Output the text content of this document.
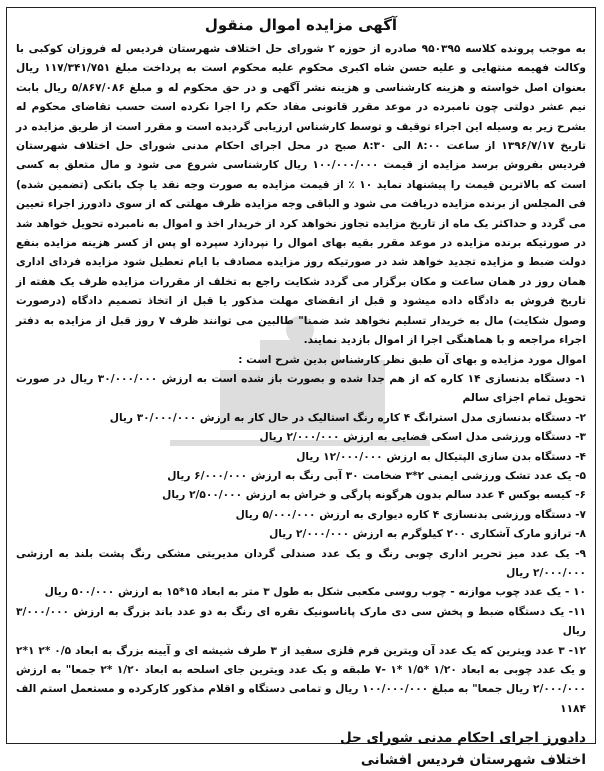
آگهی مزایده اموال منقول

به موجب پرونده کلاسه ۹۵۰۳۹۵ صادره از حوزه ۲ شورای حل اختلاف شهرستان فردیس له فروزان کوکبی با وکالت فهیمه منتهایی و علیه حسن شاه اکبری محکوم علیه محکوم است به پرداخت مبلغ ۱۱۷/۳۴۱/۷۵۱ ریال بعنوان اصل خواسته و هزینه کارشناسی و هزینه نشر آگهی و در حق محکوم له و مبلغ ۵/۸۶۷/۰۸۶ ریال بابت نیم عشر دولتی چون نامبرده در موعد مقرر قانونی مفاد حکم را اجرا نکرده است حسب تقاضای محکوم له بشرح زیر به وسیله این اجراء توقیف و توسط کارشناس ارزیابی گردیده است و مقرر است از طریق مزایده در تاریخ ۱۳۹۶/۷/۱۷ از ساعت ۸:۰۰ الی ۸:۳۰ صبح در محل اجرای احکام مدنی شورای حل اختلاف شهرستان فردیس بفروش برسد مزایده از قیمت ۱۰۰/۰۰۰/۰۰۰ ریال کارشناسی شروع می شود و مال متعلق به کسی است که بالاترین قیمت را پیشنهاد نماید ۱۰ ٪ از قیمت مزایده به صورت وجه نقد یا چک بانکی (تضمین شده) فی المجلس از برنده مزایده دریافت می شود و الباقی وجه مزایده ظرف مهلتی که از سوی دادورز اجراء تعیین می گردد و حداکثر یک ماه از تاریخ مزایده تجاوز نخواهد کرد از خریدار اخذ و اموال به نامبرده تحویل خواهد شد در صورتیکه برنده مزایده در موعد مقرر بقیه بهای اموال را نپردازد سپرده او پس از کسر هزینه مزایده بنفع دولت ضبط و مزایده تجدید خواهد شد در صورتیکه روز مزایده مصادف با ایام تعطیل شود مزایده فردای اداری همان روز در همان ساعت و مکان برگزار می گردد شکایت راجع به تخلف از مقررات مزایده ظرف یک هفته از تاریخ فروش به دادگاه داده میشود و قبل از انقضای مهلت مذکور یا قبل از اتخاذ تصمیم دادگاه (درصورت وصول شکایت) مال به خریدار تسلیم نخواهد شد ضمنا" طالبین می توانند ظرف ۷ روز قبل از مزایده به دفتر اجراء مراجعه و با هماهنگی اجرا از اموال بازدید نمایند.

اموال مورد مزایده و بهای آن طبق نظر کارشناس بدین شرح است :
۱- دستگاه بدنسازی ۱۴ کاره که از هم جدا شده و بصورت باز شده است به ارزش ۳۰/۰۰۰/۰۰۰ ریال در صورت تحویل تمام اجزای سالم
۲- دستگاه بدنسازی مدل استرانگ ۴ کاره رنگ استالیک در حال کار به ارزش ۳۰/۰۰۰/۰۰۰ ریال
۳- دستگاه ورزشی مدل اسکی فضایی به ارزش ۲/۰۰۰/۰۰۰ ریال
۴- دستگاه بدن سازی الپتیکال به ارزش ۱۲/۰۰۰/۰۰۰ ریال
۵- یک عدد تشک ورزشی ایمنی ۲*۳ ضخامت ۳۰ آبی رنگ به ارزش ۶/۰۰۰/۰۰۰ ریال
۶- کیسه بوکس ۴ عدد سالم بدون هرگونه پارگی و خراش به ارزش ۲/۵۰۰/۰۰۰ ریال
۷- دستگاه ورزشی بدنسازی ۴ کاره دیواری به ارزش ۵/۰۰۰/۰۰۰ ریال
۸- ترازو مارک آشکاری ۲۰۰ کیلوگرم به ارزش ۲/۰۰۰/۰۰۰ ریال
۹- یک عدد میز تحریر اداری چوبی رنگ و یک عدد صندلی گردان مدیریتی مشکی رنگ پشت بلند به ارزشی ۲/۰۰۰/۰۰۰ ریال
۱۰ - یک عدد چوب موازنه - چوب روسی مکعبی شکل به طول ۳ متر به ابعاد ۱۵*۱۵ به ارزش ۵۰۰/۰۰۰ ریال
۱۱- یک دستگاه ضبط و پخش سی دی مارک پاناسونیک نقره ای رنگ به دو عدد باند بزرگ به ارزش ۳/۰۰۰/۰۰۰ ریال
۱۲- ۳ عدد ویترین که یک عدد آن ویترین فرم فلزی سفید از ۳ طرف شیشه ای و آیینه بزرگ به ابعاد ۰/۵ *۲ ۱*۲ و یک عدد چوبی به ابعاد ۱/۲۰ *۱/۵ *۱ -۷ طبقه و یک عدد ویترین جای اسلحه به ابعاد ۱/۲۰ *۲ جمعا" به ارزش ۲/۰۰۰/۰۰۰ ریال جمعا" به مبلغ ۱۰۰/۰۰۰/۰۰۰ ریال و تمامی دستگاه و اقلام مذکور کارکرده و مستعمل استم الف ۱۱۸۴
دادورز اجرای احکام مدنی شورای حل اختلاف شهرستان فردیس افشانی
